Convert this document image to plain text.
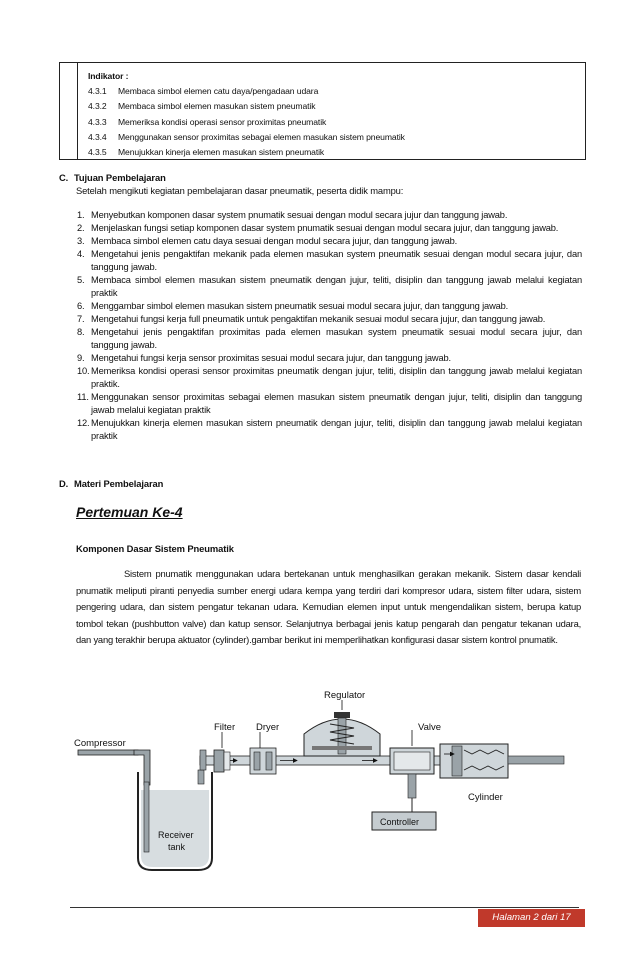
Indikator :
4.3.1 Membaca simbol elemen catu daya/pengadaan udara
4.3.2 Membaca simbol elemen masukan sistem pneumatik
4.3.3 Memeriksa kondisi operasi sensor proximitas pneumatik
4.3.4 Menggunakan sensor proximitas sebagai elemen masukan sistem pneumatik
4.3.5 Menujukkan kinerja elemen masukan sistem pneumatik
C. Tujuan Pembelajaran
Setelah mengikuti kegiatan pembelajaran dasar pneumatik, peserta didik mampu:
1. Menyebutkan komponen dasar system pnumatik sesuai dengan modul secara jujur dan tanggung jawab.
2. Menjelaskan fungsi setiap komponen dasar system pnumatik sesuai dengan modul secara jujur, dan tanggung jawab.
3. Membaca simbol elemen catu daya sesuai dengan modul secara jujur, dan tanggung jawab.
4. Mengetahui jenis pengaktifan mekanik pada elemen masukan system pneumatik sesuai dengan modul secara jujur, dan tanggung jawab.
5. Membaca simbol elemen masukan sistem pneumatik dengan jujur, teliti, disiplin dan tanggung jawab melalui kegiatan praktik
6. Menggambar simbol elemen masukan sistem pneumatik sesuai modul secara jujur, dan tanggung jawab.
7. Mengetahui fungsi kerja full pneumatik untuk pengaktifan mekanik sesuai modul secara jujur, dan tanggung jawab.
8. Mengetahui jenis pengaktifan proximitas pada elemen masukan system pneumatik sesuai modul secara jujur, dan tanggung jawab.
9. Mengetahui fungsi kerja sensor proximitas sesuai modul secara jujur, dan tanggung jawab.
10. Memeriksa kondisi operasi sensor proximitas pneumatik dengan jujur, teliti, disiplin dan tanggung jawab melalui kegiatan praktik.
11. Menggunakan sensor proximitas sebagai elemen masukan sistem pneumatik dengan jujur, teliti, disiplin dan tanggung jawab melalui kegiatan praktik
12. Menujukkan kinerja elemen masukan sistem pneumatik dengan jujur, teliti, disiplin dan tanggung jawab melalui kegiatan praktik
D. Materi Pembelajaran
Pertemuan Ke-4
Komponen Dasar Sistem Pneumatik
Sistem pnumatik menggunakan udara bertekanan untuk menghasilkan gerakan mekanik. Sistem dasar kendali pnumatik meliputi piranti penyedia sumber energi udara kempa yang terdiri dari kompresor udara, sistem filter udara, sistem pengering udara, dan sistem pengatur tekanan udara. Kemudian elemen input untuk mengendalikan sistem, berupa katup tombol tekan (pushbutton valve) dan katup sensor. Selanjutnya berbagai jenis katup pengarah dan pengatur tekanan udara, dan yang terakhir berupa aktuator (cylinder).gambar berikut ini memperlihatkan konfigurasi dasar sistem kontrol pnumatik.
Compressor
Filter Dryer
Regulator
Valve
Cylinder
Controller
Receiver
tank
Halaman 2 dari 17
